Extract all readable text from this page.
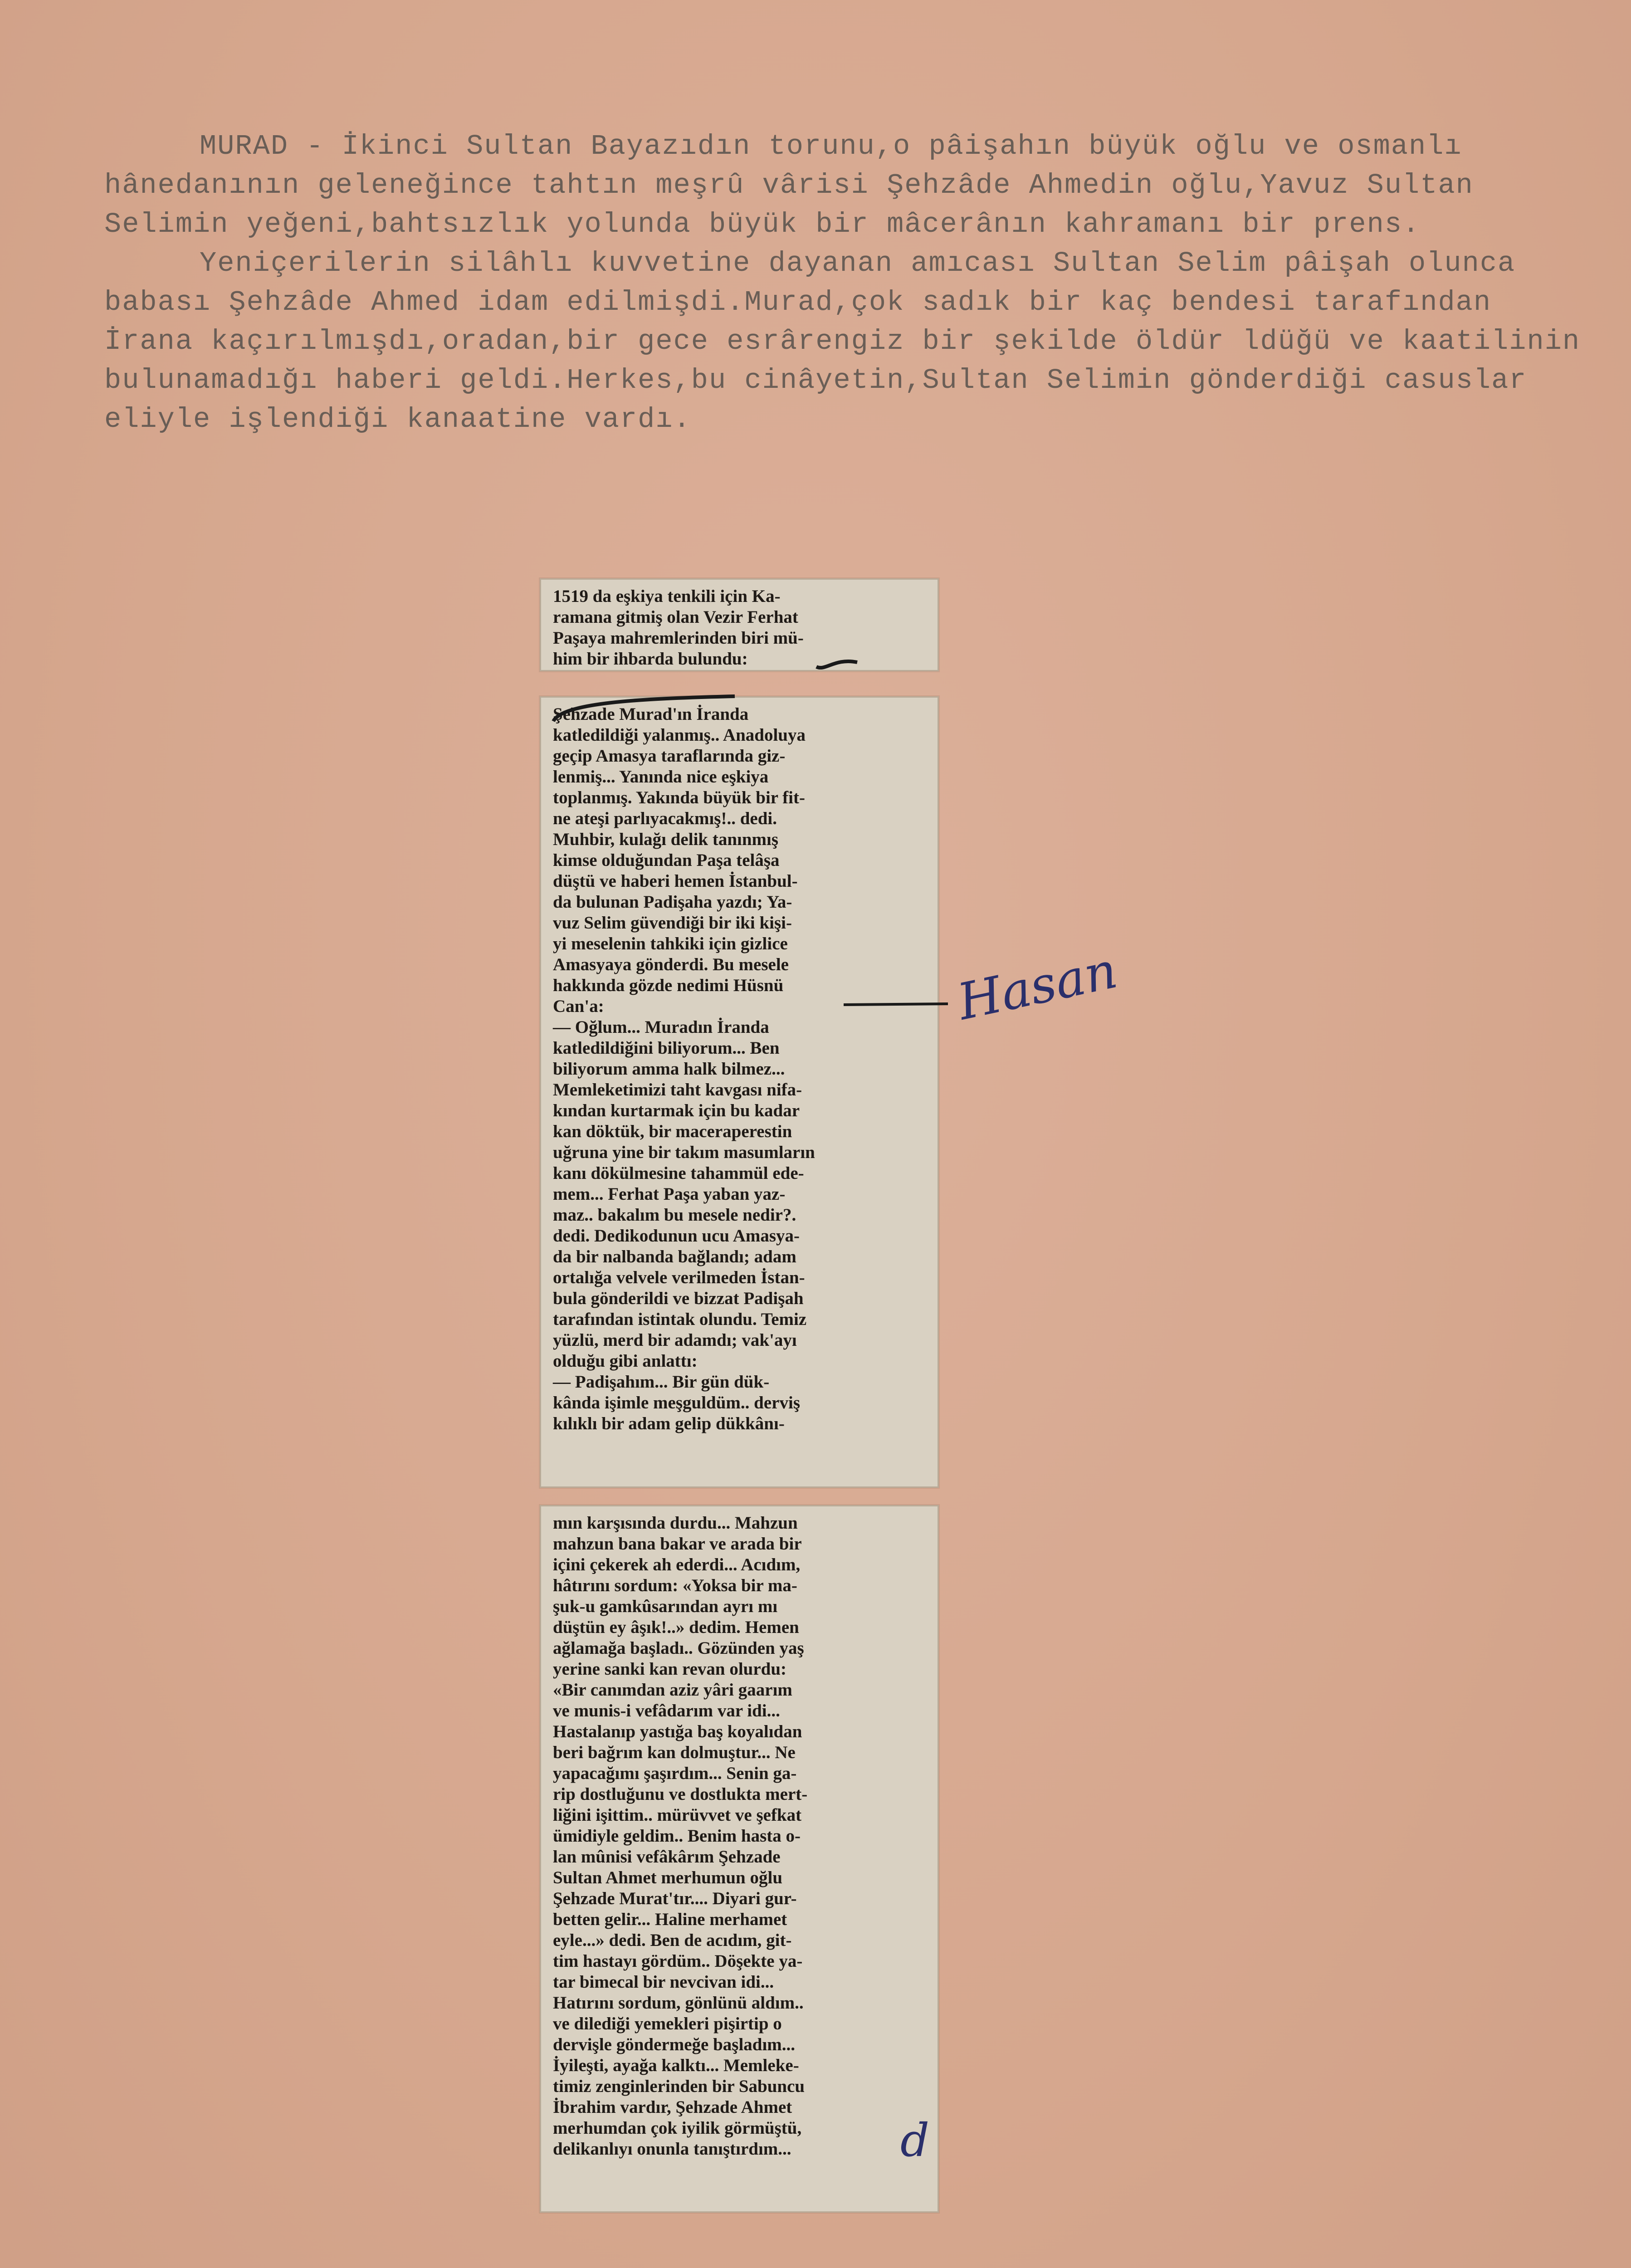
MURAD - İkinci Sultan Bayazıdın torunu,o pâişahın büyük oğlu ve osmanlı
hânedanının geleneğince tahtın meşrû vârisi Şehzâde Ahmedin oğlu,Yavuz Sultan
Selimin yeğeni,bahtsızlık yolunda büyük bir mâcerânın kahramanı bir prens.
Yeniçerilerin silâhlı kuvvetine dayanan amıcası Sultan Selim pâişah olunca
babası Şehzâde Ahmed idam edilmişdi.Murad,çok sadık bir kaç bendesi tarafından
İrana kaçırılmışdı,oradan,bir gece esrârengiz bir şekilde öldür ldüğü ve kaatilinin
bulunamadığı haberi geldi.Herkes,bu cinâyetin,Sultan Selimin gönderdiği casuslar
eliyle işlendiği kanaatine vardı.
1519 da eşkiya tenkili için Ka-
ramana gitmiş olan Vezir Ferhat
Paşaya mahremlerinden biri mü-
him bir ihbarda bulundu:
Şehzade Murad'ın İranda
katledildiği yalanmış.. Anadoluya
geçip Amasya taraflarında giz-
lenmiş... Yanında nice eşkiya
toplanmış. Yakında büyük bir fit-
ne ateşi parlıyacakmış!.. dedi.
Muhbir, kulağı delik tanınmış
kimse olduğundan Paşa telâşa
düştü ve haberi hemen İstanbul-
da bulunan Padişaha yazdı; Ya-
vuz Selim güvendiği bir iki kişi-
yi meselenin tahkiki için gizlice
Amasyaya gönderdi. Bu mesele
hakkında gözde nedimi Hüsnü
Can'a:
— Oğlum... Muradın İranda
katledildiğini biliyorum... Ben
biliyorum amma halk bilmez...
Memleketimizi taht kavgası nifa-
kından kurtarmak için bu kadar
kan döktük, bir maceraperestin
uğruna yine bir takım masumların
kanı dökülmesine tahammül ede-
mem... Ferhat Paşa yaban yaz-
maz.. bakalım bu mesele nedir?.
dedi. Dedikodunun ucu Amasya-
da bir nalbanda bağlandı; adam
ortalığa velvele verilmeden İstan-
bula gönderildi ve bizzat Padişah
tarafından istintak olundu. Temiz
yüzlü, merd bir adamdı; vak'ayı
olduğu gibi anlattı:
— Padişahım... Bir gün dük-
kânda işimle meşguldüm.. derviş
kılıklı bir adam gelip dükkânı-
mın karşısında durdu... Mahzun
mahzun bana bakar ve arada bir
içini çekerek ah ederdi... Acıdım,
hâtırını sordum: «Yoksa bir ma-
şuk-u gamkûsarından ayrı mı
düştün ey âşık!..» dedim. Hemen
ağlamağa başladı.. Gözünden yaş
yerine sanki kan revan olurdu:
«Bir canımdan aziz yâri gaarım
ve munis-i vefâdarım var idi...
Hastalanıp yastığa baş koyalıdan
beri bağrım kan dolmuştur... Ne
yapacağımı şaşırdım... Senin ga-
rip dostluğunu ve dostlukta mert-
liğini işittim.. mürüvvet ve şefkat
ümidiyle geldim.. Benim hasta o-
lan mûnisi vefâkârım Şehzade
Sultan Ahmet merhumun oğlu
Şehzade Murat'tır.... Diyari gur-
betten gelir... Haline merhamet
eyle...» dedi. Ben de acıdım, git-
tim hastayı gördüm.. Döşekte ya-
tar bimecal bir nevcivan idi...
Hatırını sordum, gönlünü aldım..
ve dilediği yemekleri pişirtip o
dervişle göndermeğe başladım...
İyileşti, ayağa kalktı... Memleke-
timiz zenginlerinden bir Sabuncu
İbrahim vardır, Şehzade Ahmet
merhumdan çok iyilik görmüştü,
delikanlıyı onunla tanıştırdım...
Hasan
d
